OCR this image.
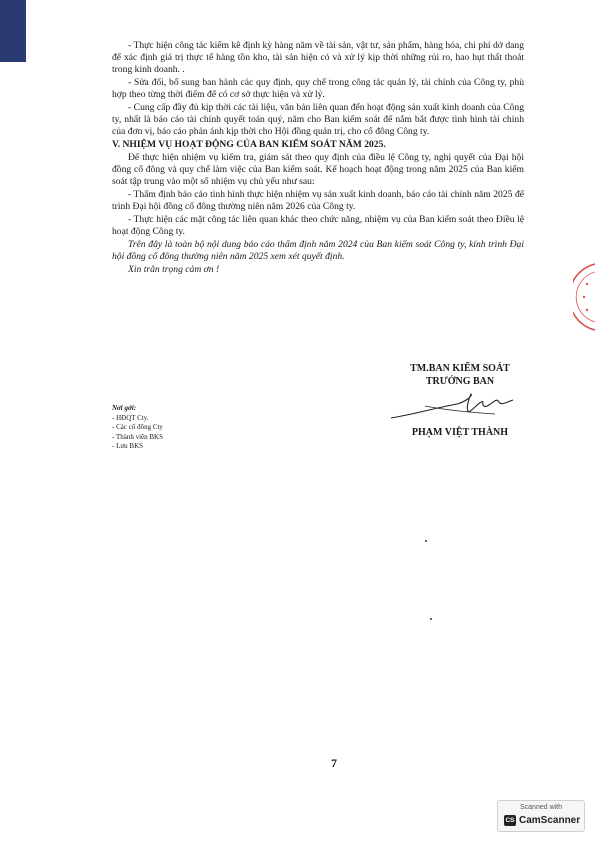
- Thực hiện công tác kiểm kê định kỳ hàng năm về tài sản, vật tư, sản phẩm, hàng hóa, chi phí dở dang để xác định giá trị thực tế hàng tồn kho, tài sản hiện có và xử lý kịp thời những rủi ro, hao hụt thất thoát trong kinh doanh. .

- Sửa đổi, bổ sung ban hành các quy định, quy chế trong công tác quản lý, tài chính của Công ty, phù hợp theo từng thời điểm để có cơ sở thực hiện và xử lý.

- Cung cấp đầy đủ kịp thời các tài liệu, văn bản liên quan đến hoạt động sản xuất kinh doanh của Công ty, nhất là báo cáo tài chính quyết toán quý, năm cho Ban kiểm soát để nắm bắt được tình hình tài chính của đơn vị, báo cáo phản ánh kịp thời cho Hội đồng quản trị, cho cổ đông Công ty.

V. NHIỆM VỤ HOẠT ĐỘNG CỦA BAN KIỂM SOÁT NĂM 2025.

Để thực hiện nhiệm vụ kiểm tra, giám sát theo quy định của điều lệ Công ty, nghị quyết của Đại hội đồng cổ đông và quy chế làm việc của Ban kiểm soát. Kế hoạch hoạt động trong năm 2025 của Ban kiểm soát tập trung vào một số nhiệm vụ chủ yếu như sau:

- Thẩm định báo cáo tình hình thực hiện nhiệm vụ sản xuất kinh doanh, báo cáo tài chính năm 2025 để trình Đại hội đồng cổ đông thường niên năm 2026 của Công ty.

- Thực hiện các mặt công tác liên quan khác theo chức năng, nhiệm vụ của Ban kiểm soát theo Điều lệ hoạt động Công ty.

Trên đây là toàn bộ nội dung báo cáo thẩm định năm 2024 của Ban kiểm soát Công ty, kính trình Đại hội đồng cổ đông thường niên năm 2025 xem xét quyết định.

Xin trân trọng cảm ơn !

TM.BAN KIỂM SOÁT
TRƯỞNG BAN
PHẠM VIỆT THÀNH
Nơi gởi:
- HĐQT Cty.
- Các cổ đông Cty
- Thành viên BKS
- Lưu BKS
7
Scanned with
CS CamScanner
